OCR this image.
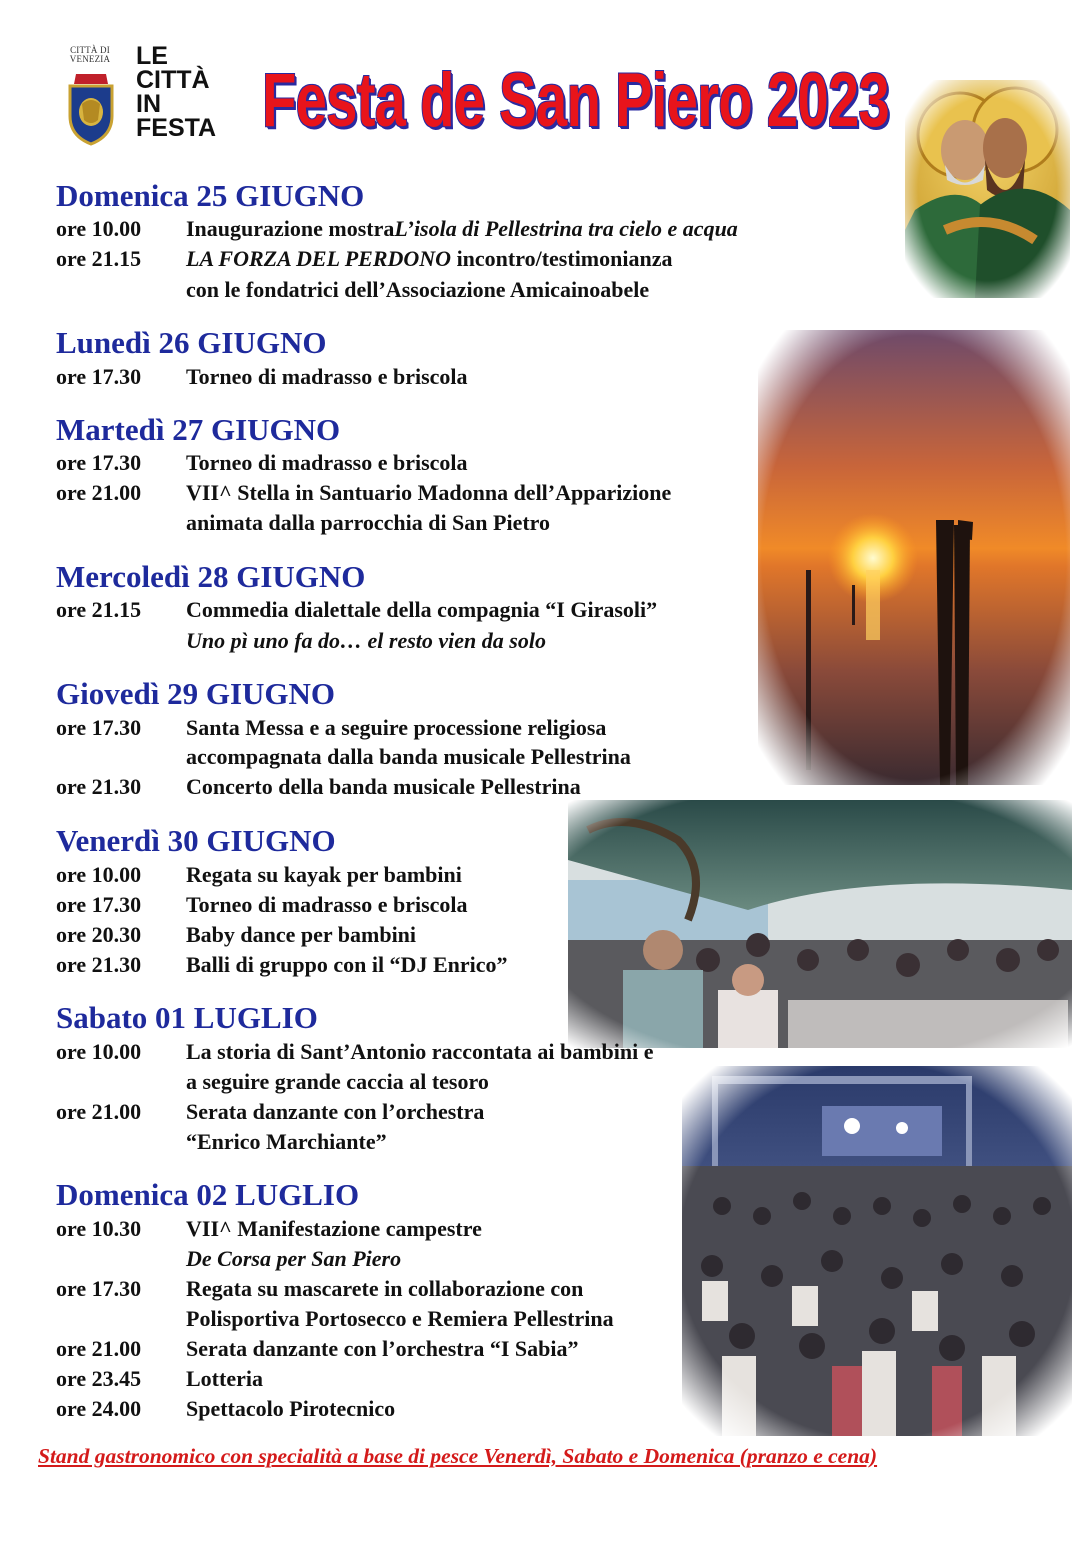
CITTÀ DI VENEZIA	LE
CITTÀ
IN
FESTA Festa de San Piero 2023
Domenica 25 GIUGNO
ore 10.00 Inaugurazione mostraL’isola di Pellestrina tra cielo e acqua
ore 21.15 LA FORZA DEL PERDONO incontro/testimonianza
con le fondatrici dell’Associazione Amicainoabele
Lunedì 26 GIUGNO
ore 17.30 Torneo di madrasso e briscola
Martedì 27 GIUGNO
ore 17.30 Torneo di madrasso e briscola
ore 21.00 VII^ Stella in Santuario Madonna dell’Apparizione
animata dalla parrocchia di San Pietro
Mercoledì 28 GIUGNO
ore 21.15 Commedia dialettale della compagnia “I Girasoli”
Uno pì uno fa do… el resto vien da solo
Giovedì 29 GIUGNO
ore 17.30 Santa Messa e a seguire processione religiosa
accompagnata dalla banda musicale Pellestrina
ore 21.30 Concerto della banda musicale Pellestrina
Venerdì 30 GIUGNO
ore 10.00 Regata su kayak per bambini
ore 17.30 Torneo di madrasso e briscola
ore 20.30 Baby dance per bambini
ore 21.30 Balli di gruppo con il “DJ Enrico”
Sabato 01 LUGLIO
ore 10.00 La storia di Sant’Antonio raccontata ai bambini e
a seguire grande caccia al tesoro
ore 21.00 Serata danzante con l’orchestra
“Enrico Marchiante”
Domenica 02 LUGLIO
ore 10.30 VII^ Manifestazione campestre
De Corsa per San Piero
ore 17.30 Regata su mascarete in collaborazione con
Polisportiva Portosecco e Remiera Pellestrina
ore 21.00 Serata danzante con l’orchestra “I Sabia”
ore 23.45 Lotteria
ore 24.00 Spettacolo Pirotecnico
Stand gastronomico con specialità a base di pesce Venerdì, Sabato e Domenica (pranzo e cena)
